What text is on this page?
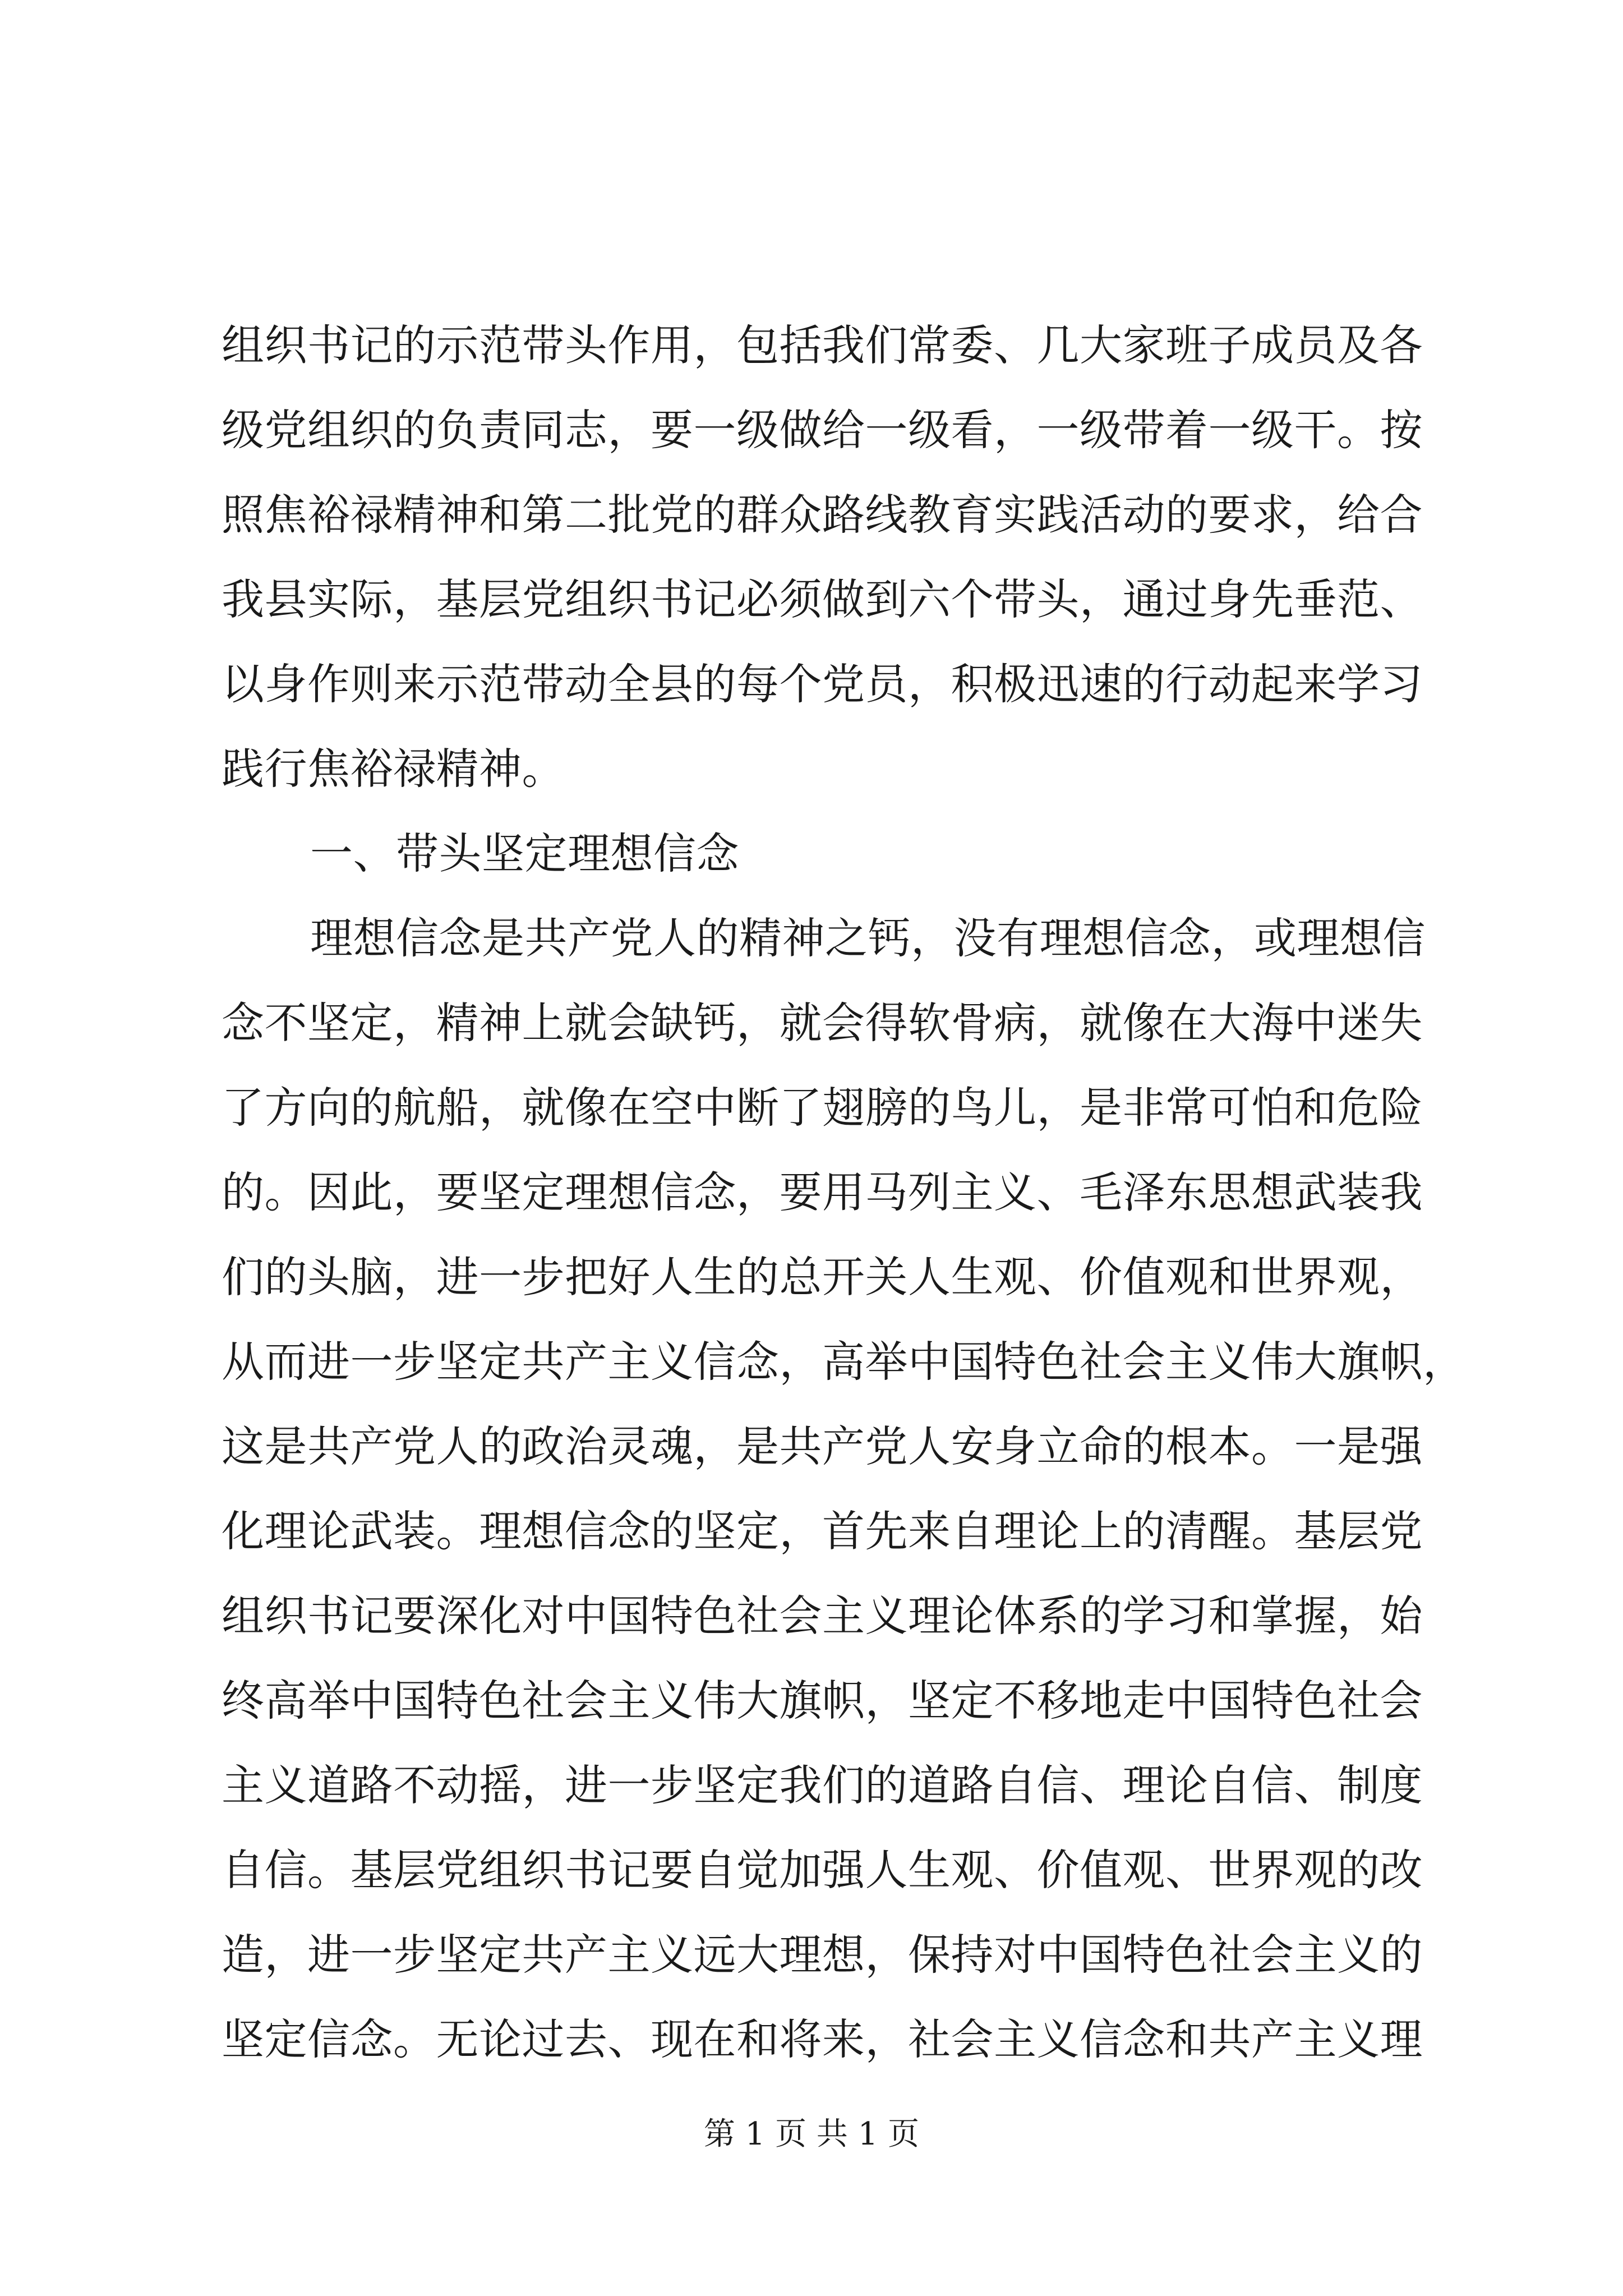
组织书记的示范带头作用，包括我们常委、几大家班子成员及各
级党组织的负责同志，要一级做给一级看，一级带着一级干。按
照焦裕禄精神和第二批党的群众路线教育实践活动的要求，给合
我县实际，基层党组织书记必须做到六个带头，通过身先垂范、
以身作则来示范带动全县的每个党员，积极迅速的行动起来学习
践行焦裕禄精神。
一、带头坚定理想信念
理想信念是共产党人的精神之钙，没有理想信念，或理想信
念不坚定，精神上就会缺钙，就会得软骨病，就像在大海中迷失
了方向的航船，就像在空中断了翅膀的鸟儿，是非常可怕和危险
的。因此，要坚定理想信念，要用马列主义、毛泽东思想武装我
们的头脑，进一步把好人生的总开关人生观、价值观和世界观，
从而进一步坚定共产主义信念，高举中国特色社会主义伟大旗帜，
这是共产党人的政治灵魂，是共产党人安身立命的根本。一是强
化理论武装。理想信念的坚定，首先来自理论上的清醒。基层党
组织书记要深化对中国特色社会主义理论体系的学习和掌握，始
终高举中国特色社会主义伟大旗帜，坚定不移地走中国特色社会
主义道路不动摇，进一步坚定我们的道路自信、理论自信、制度
自信。基层党组织书记要自觉加强人生观、价值观、世界观的改
造，进一步坚定共产主义远大理想，保持对中国特色社会主义的
坚定信念。无论过去、现在和将来，社会主义信念和共产主义理
第 1 页 共 1 页
